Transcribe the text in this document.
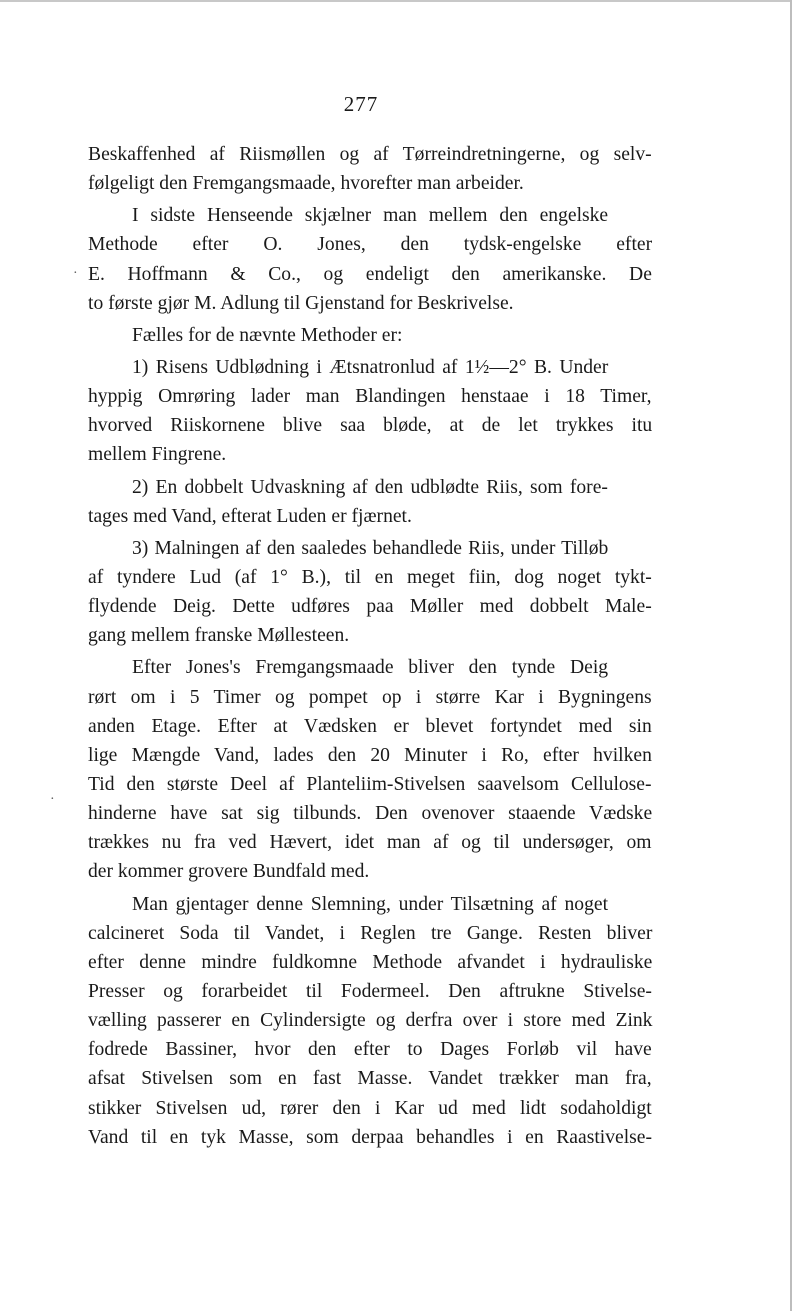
277
Beskaffenhed af Riismøllen og af Tørreindretningerne, og selv-
følgeligt den Fremgangsmaade, hvorefter man arbeider.
I sidste Henseende skjælner man mellem den engelske
Methode efter O. Jones, den tydsk-engelske efter
E. Hoffmann & Co., og endeligt den amerikanske. De
to første gjør M. Adlung til Gjenstand for Beskrivelse.
Fælles for de nævnte Methoder er:
1) Risens Udblødning i Ætsnatronlud af 1½—2° B. Under
hyppig Omrøring lader man Blandingen henstaae i 18 Timer,
hvorved Riiskornene blive saa bløde, at de let trykkes itu
mellem Fingrene.
2) En dobbelt Udvaskning af den udblødte Riis, som fore-
tages med Vand, efterat Luden er fjærnet.
3) Malningen af den saaledes behandlede Riis, under Tilløb
af tyndere Lud (af 1° B.), til en meget fiin, dog noget tykt-
flydende Deig. Dette udføres paa Møller med dobbelt Male-
gang mellem franske Møllesteen.
Efter Jones's Fremgangsmaade bliver den tynde Deig
rørt om i 5 Timer og pompet op i større Kar i Bygningens
anden Etage. Efter at Vædsken er blevet fortyndet med sin
lige Mængde Vand, lades den 20 Minuter i Ro, efter hvilken
Tid den største Deel af Planteliim-Stivelsen saavelsom Cellulose-
hinderne have sat sig tilbunds. Den ovenover staaende Vædske
trækkes nu fra ved Hævert, idet man af og til undersøger, om
der kommer grovere Bundfald med.
Man gjentager denne Slemning, under Tilsætning af noget
calcineret Soda til Vandet, i Reglen tre Gange. Resten bliver
efter denne mindre fuldkomne Methode afvandet i hydrauliske
Presser og forarbeidet til Fodermeel. Den aftrukne Stivelse-
vælling passerer en Cylindersigte og derfra over i store med Zink
fodrede Bassiner, hvor den efter to Dages Forløb vil have
afsat Stivelsen som en fast Masse. Vandet trækker man fra,
stikker Stivelsen ud, rører den i Kar ud med lidt sodaholdigt
Vand til en tyk Masse, som derpaa behandles i en Raastivelse-
·
·
